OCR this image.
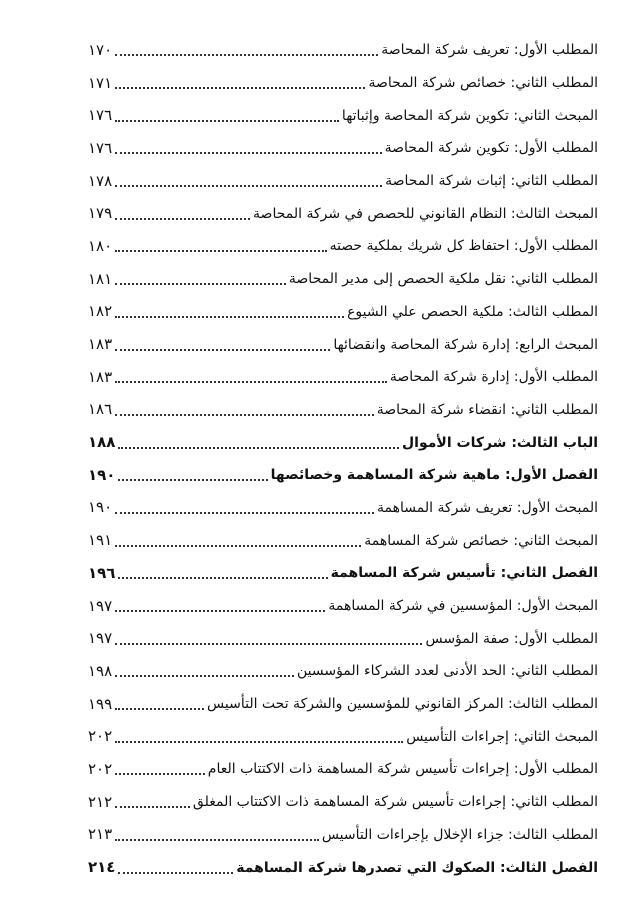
المطلب الأول: تعريف شركة المحاصة
١٧٠
المطلب الثاني: خصائص شركة المحاصة
١٧١
المبحث الثاني: تكوين شركة المحاصة وإثباتها
١٧٦
المطلب الأول: تكوين شركة المحاصة
١٧٦
المطلب الثاني: إثبات شركة المحاصة
١٧٨
المبحث الثالث: النظام القانوني للحصص في شركة المحاصة
١٧٩
المطلب الأول: احتفاظ كل شريك بملكية حصته
١٨٠
المطلب الثاني: نقل ملكية الحصص إلى مدير المحاصة
١٨١
المطلب الثالث: ملكية الحصص علي الشيوع
١٨٢
المبحث الرابع: إدارة شركة المحاصة وانقضائها
١٨٣
المطلب الأول: إدارة شركة المحاصة
١٨٣
المطلب الثاني: انقضاء شركة المحاصة
١٨٦
الباب الثالث: شركات الأموال
١٨٨
الفصل الأول: ماهية شركة المساهمة وخصائصها
١٩٠
المبحث الأول: تعريف شركة المساهمة
١٩٠
المبحث الثاني: خصائص شركة المساهمة
١٩١
الفصل الثاني: تأسيس شركة المساهمة
١٩٦
المبحث الأول: المؤسسين في شركة المساهمة
١٩٧
المطلب الأول: صفة المؤسس
١٩٧
المطلب الثاني: الحد الأدنى لعدد الشركاء المؤسسين
١٩٨
المطلب الثالث: المركز القانوني للمؤسسين والشركة تحت التأسيس
١٩٩
المبحث الثاني: إجراءات التأسيس
٢٠٢
المطلب الأول: إجراءات تأسيس شركة المساهمة ذات الاكتتاب العام
٢٠٢
المطلب الثاني: إجراءات تأسيس شركة المساهمة ذات الاكتتاب المغلق
٢١٢
المطلب الثالث: جزاء الإخلال بإجراءات التأسيس
٢١٣
الفصل الثالث: الصكوك التي تصدرها شركة المساهمة
٢١٤
